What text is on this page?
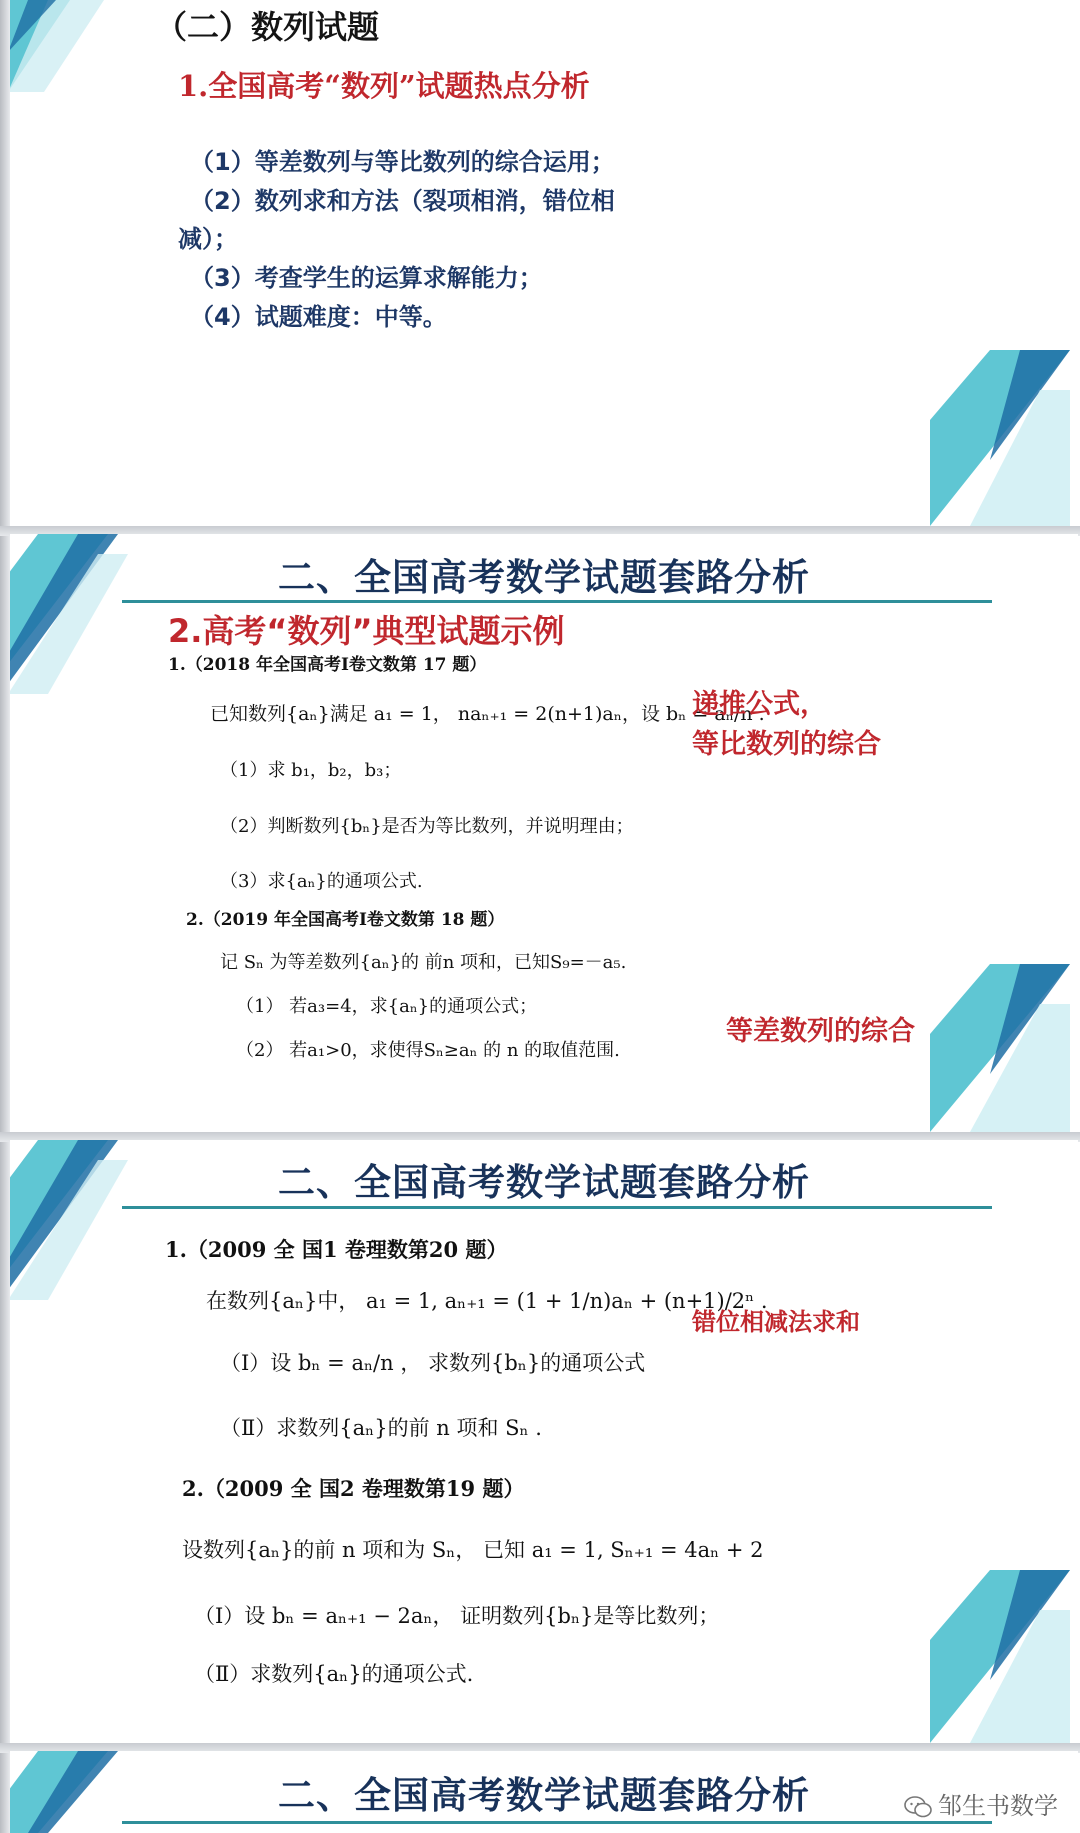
（二）数列试题
1.全国高考“数列”试题热点分析
（1）等差数列与等比数列的综合运用；
（2）数列求和方法（裂项相消，错位相
减）；
（3）考查学生的运算求解能力；
（4）试题难度：中等。
二、全国高考数学试题套路分析
2.高考“数列”典型试题示例
1.（2018 年全国高考Ⅰ卷文数第 17 题）
已知数列{aₙ}满足 a₁ = 1， naₙ₊₁ = 2(n+1)aₙ，设 bₙ = aₙ/n .
（1）求 b₁，b₂，b₃；
（2）判断数列{bₙ}是否为等比数列，并说明理由；
（3）求{aₙ}的通项公式.
递推公式，
等比数列的综合
2.（2019 年全国高考Ⅰ卷文数第 18 题）
记 Sₙ 为等差数列{aₙ}的 前n 项和，已知S₉=－a₅.
（1） 若a₃=4，求{aₙ}的通项公式；
（2） 若a₁>0，求使得Sₙ≥aₙ 的 n 的取值范围.
等差数列的综合
二、全国高考数学试题套路分析
1.（2009 全 国1 卷理数第20 题）
在数列{aₙ}中， a₁ = 1, aₙ₊₁ = (1 + 1/n)aₙ + (n+1)/2ⁿ .
（Ⅰ）设 bₙ = aₙ/n ， 求数列{bₙ}的通项公式
（Ⅱ）求数列{aₙ}的前 n 项和 Sₙ .
错位相减法求和
2.（2009 全 国2 卷理数第19 题）
设数列{aₙ}的前 n 项和为 Sₙ， 已知 a₁ = 1, Sₙ₊₁ = 4aₙ + 2
（Ⅰ）设 bₙ = aₙ₊₁ − 2aₙ， 证明数列{bₙ}是等比数列；
（Ⅱ）求数列{aₙ}的通项公式.
二、全国高考数学试题套路分析	邹生书数学
